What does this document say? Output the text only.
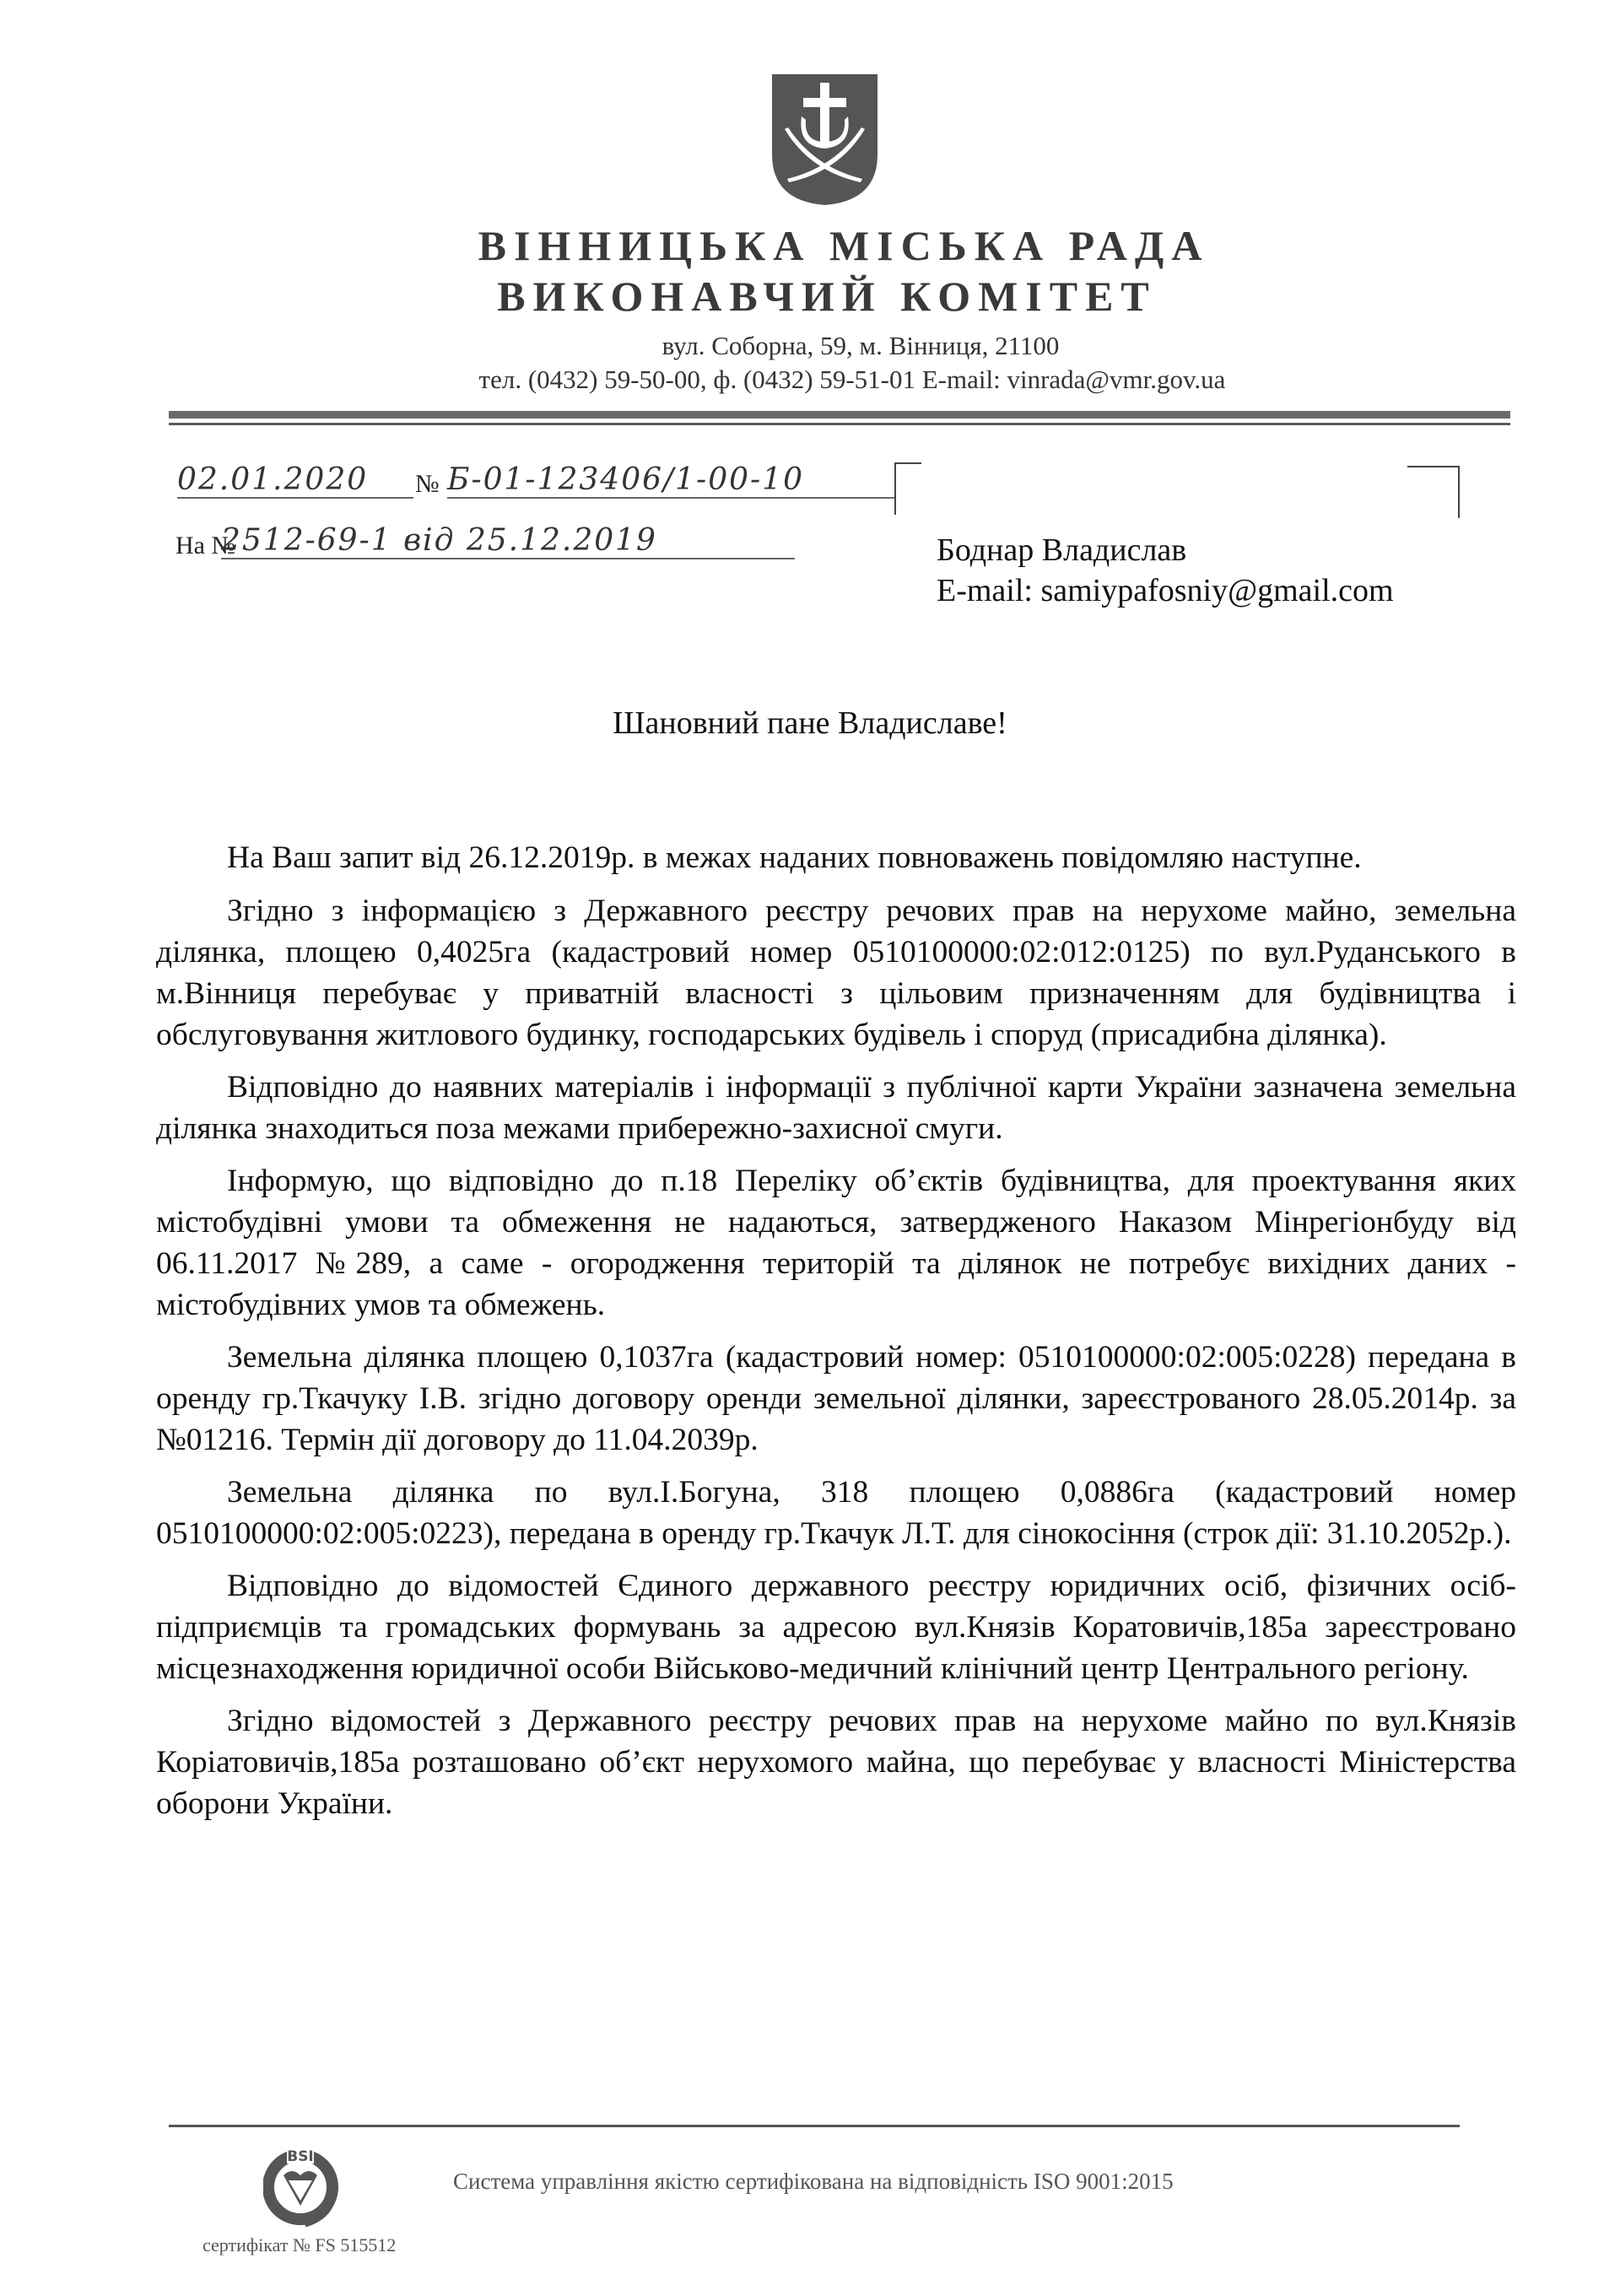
ВІННИЦЬКА МІСЬКА РАДА
ВИКОНАВЧИЙ КОМІТЕТ
вул. Соборна, 59, м. Вінниця, 21100
тел. (0432) 59-50-00, ф. (0432) 59-51-01 E-mail: vinrada@vmr.gov.ua
02.01.2020	№ Б-01-123406/1-00-10
На №
2512-69-1 від 25.12.2019	Боднар Владислав
E-mail: samiypafosniy@gmail.com
Шановний пане Владиславе!

На Ваш запит від 26.12.2019р. в межах наданих повноважень повідомляю наступне.

Згідно з інформацією з Державного реєстру речових прав на нерухоме майно, земельна ділянка, площею 0,4025га (кадастровий номер 0510100000:02:012:0125) по вул.Руданського в м.Вінниця перебуває у приватній власності з цільовим призначенням для будівництва і обслуговування житлового будинку, господарських будівель і споруд (присадибна ділянка).

Відповідно до наявних матеріалів і інформації з публічної карти України зазначена земельна ділянка знаходиться поза межами прибережно-захисної смуги.

Інформую, що відповідно до п.18 Переліку об’єктів будівництва, для проектування яких містобудівні умови та обмеження не надаються, затвердженого Наказом Мінрегіонбуду від 06.11.2017 №289, а саме - огородження територій та ділянок не потребує вихідних даних - містобудівних умов та обмежень.

Земельна ділянка площею 0,1037га (кадастровий номер: 0510100000:02:005:0228) передана в оренду гр.Ткачуку І.В. згідно договору оренди земельної ділянки, зареєстрованого 28.05.2014р. за №01216. Термін дії договору до 11.04.2039р.

Земельна ділянка по вул.І.Богуна, 318 площею 0,0886га (кадастровий номер 0510100000:02:005:0223), передана в оренду гр.Ткачук Л.Т. для сінокосіння (строк дії: 31.10.2052р.).

Відповідно до відомостей Єдиного державного реєстру юридичних осіб, фізичних осіб-підприємців та громадських формувань за адресою вул.Князів Коратовичів,185а зареєстровано місцезнаходження юридичної особи Військово-медичний клінічний центр Центрального регіону.

Згідно відомостей з Державного реєстру речових прав на нерухоме майно по вул.Князів Коріатовичів,185а розташовано об’єкт нерухомого майна, що перебуває у власності Міністерства оборони України.

BSI
Система управління якістю сертифікована на відповідність ISO 9001:2015
сертифікат № FS 515512
